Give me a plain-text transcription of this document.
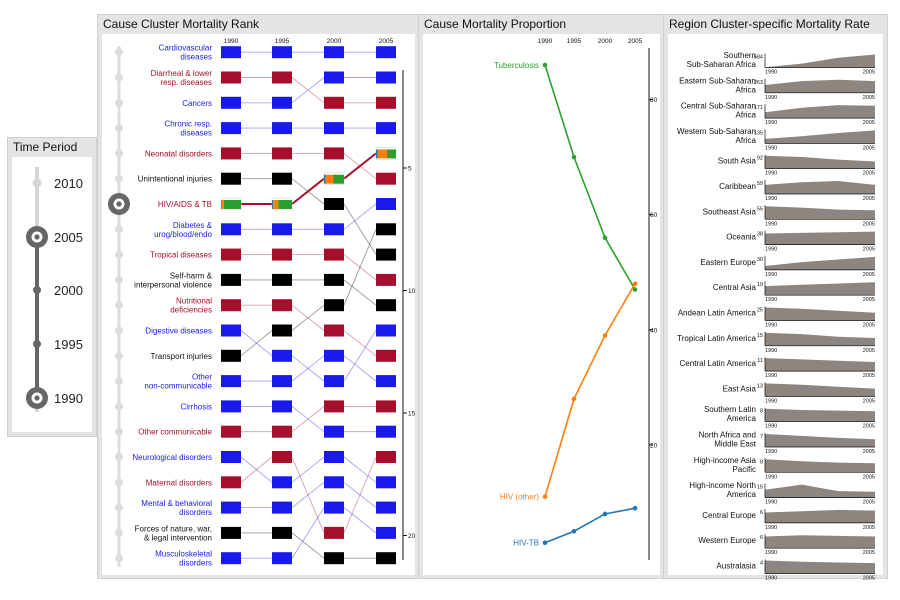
Time Period
2010
2005
2000
1995
1990
Cause Cluster Mortality Rank
1990	1995	2000	2005
5
10
15
20
Cardiovascular
diseases
Diarrheal & lower
resp. diseases
Cancers
Chronic resp.
diseases
Neonatal disorders
Unintentional injuries
HIV/AIDS & TB
Diabetes &
urog/blood/endo
Tropical diseases
Self-harm &
interpersonal violence
Nutritional
deficiencies
Digestive diseases
Transport injuries
Other
non-communicable
Cirrhosis
Other communicable
Neurological disorders
Maternal disorders
Mental & behavioral
disorders
Forces of nature, war,
& legal intervention
Musculoskeletal
disorders
Cause Mortality Proportion
1990 1995	2000 2005
80
60
40
20
Tuberculosis
HIV (other)
HIV-TB
Region Cluster-specific Mortality Rate
584
1990	2005
Southern
Sub-Saharan Africa
263
1990	2005
Eastern Sub-Saharan
Africa
171
1990	2005
Central Sub-Saharan
Africa
135
1990	2005
Western Sub-Saharan
Africa
92
1990	2005
South Asia
59
1990	2005
Caribbean
55
1990	2005
Southeast Asia
38
1990	2005
Oceania
30
1990	2005
Eastern Europe
19
1990	2005
Central Asia
25
1990	2005
Andean Latin America
15
1990	2005
Tropical Latin America
11
1990	2005
Central Latin America
13
1990	2005
East Asia
8
1990	2005
Southern Latin
America
7
1990	2005
North Africa and
Middle East
8
1990	2005
High-income Asia
Pacific
15
1990	2005
High-income North
America
6
1990	2005
Central Europe
6
1990	2005
Western Europe
4
1990	2005
Australasia
